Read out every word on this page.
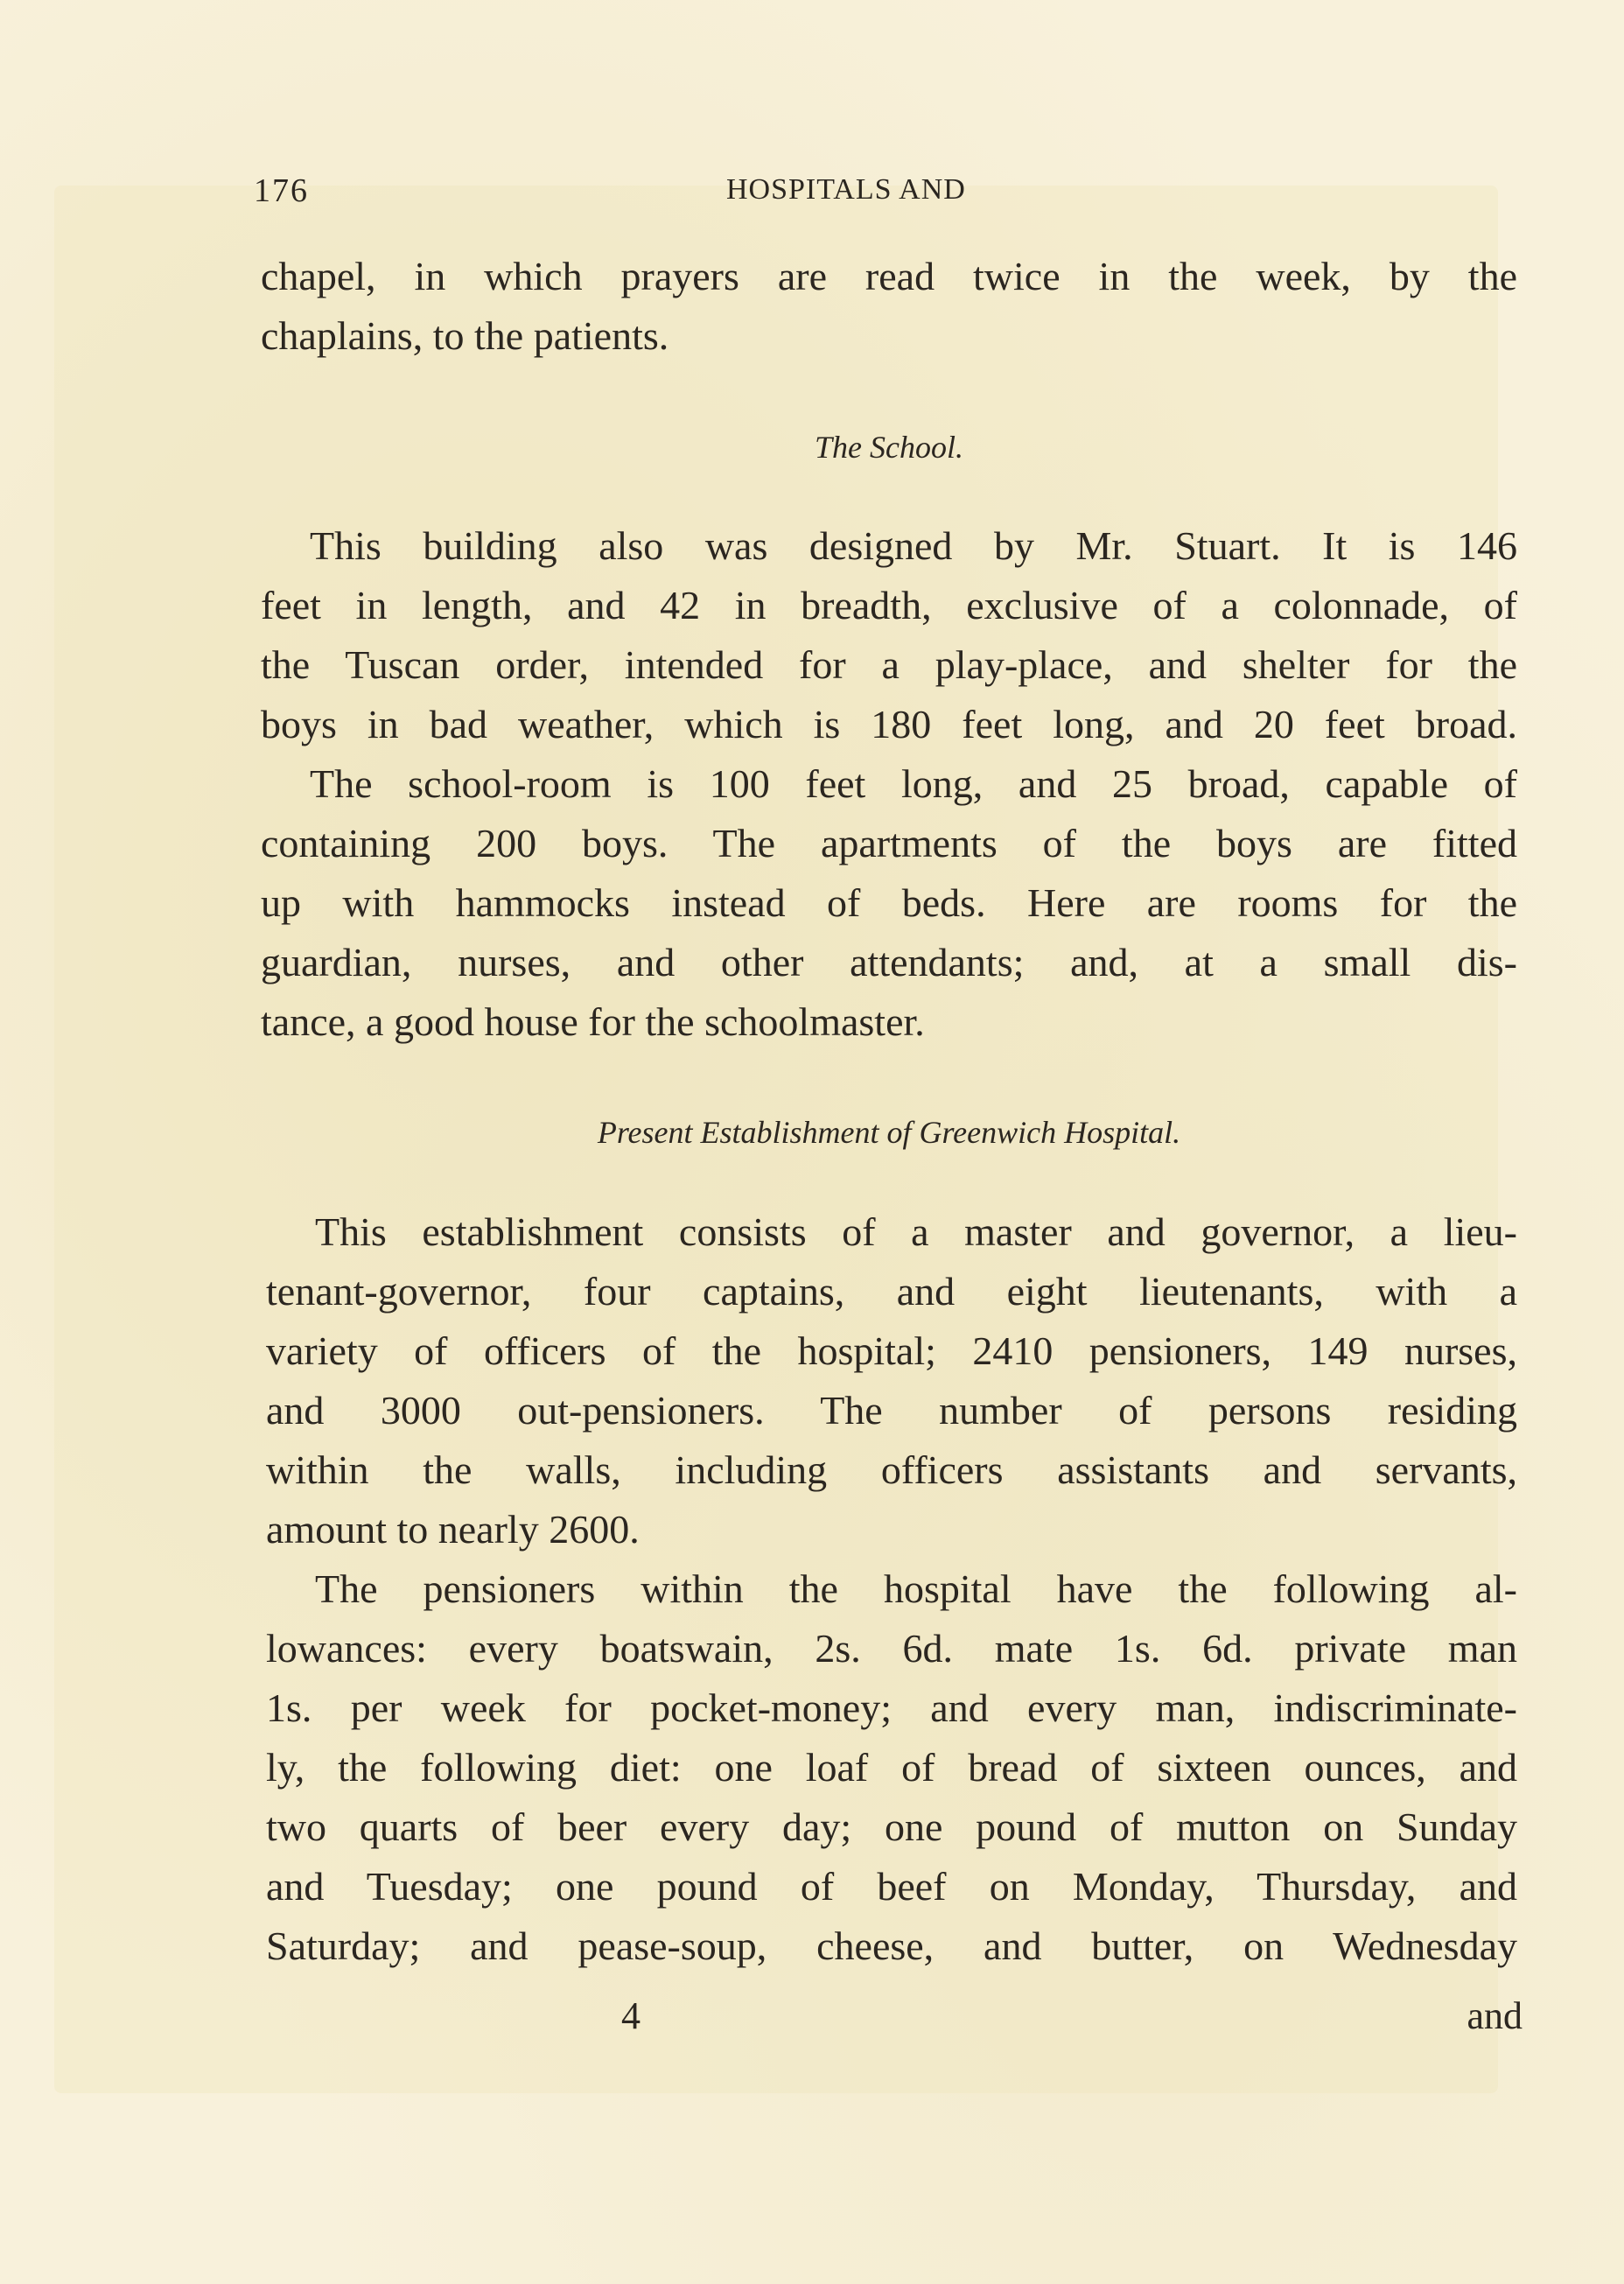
176	HOSPITALS AND
chapel, in which prayers are read twice in the week, by the
chaplains, to the patients.
The School.
This building also was designed by Mr. Stuart. It is 146
feet in length, and 42 in breadth, exclusive of a colonnade, of
the Tuscan order, intended for a play-place, and shelter for the
boys in bad weather, which is 180 feet long, and 20 feet broad.
The school-room is 100 feet long, and 25 broad, capable of
containing 200 boys. The apartments of the boys are fitted
up with hammocks instead of beds. Here are rooms for the
guardian, nurses, and other attendants; and, at a small dis-
tance, a good house for the schoolmaster.
Present Establishment of Greenwich Hospital.
This establishment consists of a master and governor, a lieu-
tenant-governor, four captains, and eight lieutenants, with a
variety of officers of the hospital; 2410 pensioners, 149 nurses,
and 3000 out-pensioners. The number of persons residing
within the walls, including officers assistants and servants,
amount to nearly 2600.
The pensioners within the hospital have the following al-
lowances: every boatswain, 2s. 6d. mate 1s. 6d. private man
1s. per week for pocket-money; and every man, indiscriminate-
ly, the following diet: one loaf of bread of sixteen ounces, and
two quarts of beer every day; one pound of mutton on Sunday
and Tuesday; one pound of beef on Monday, Thursday, and
Saturday; and pease-soup, cheese, and butter, on Wednesday
4	and
